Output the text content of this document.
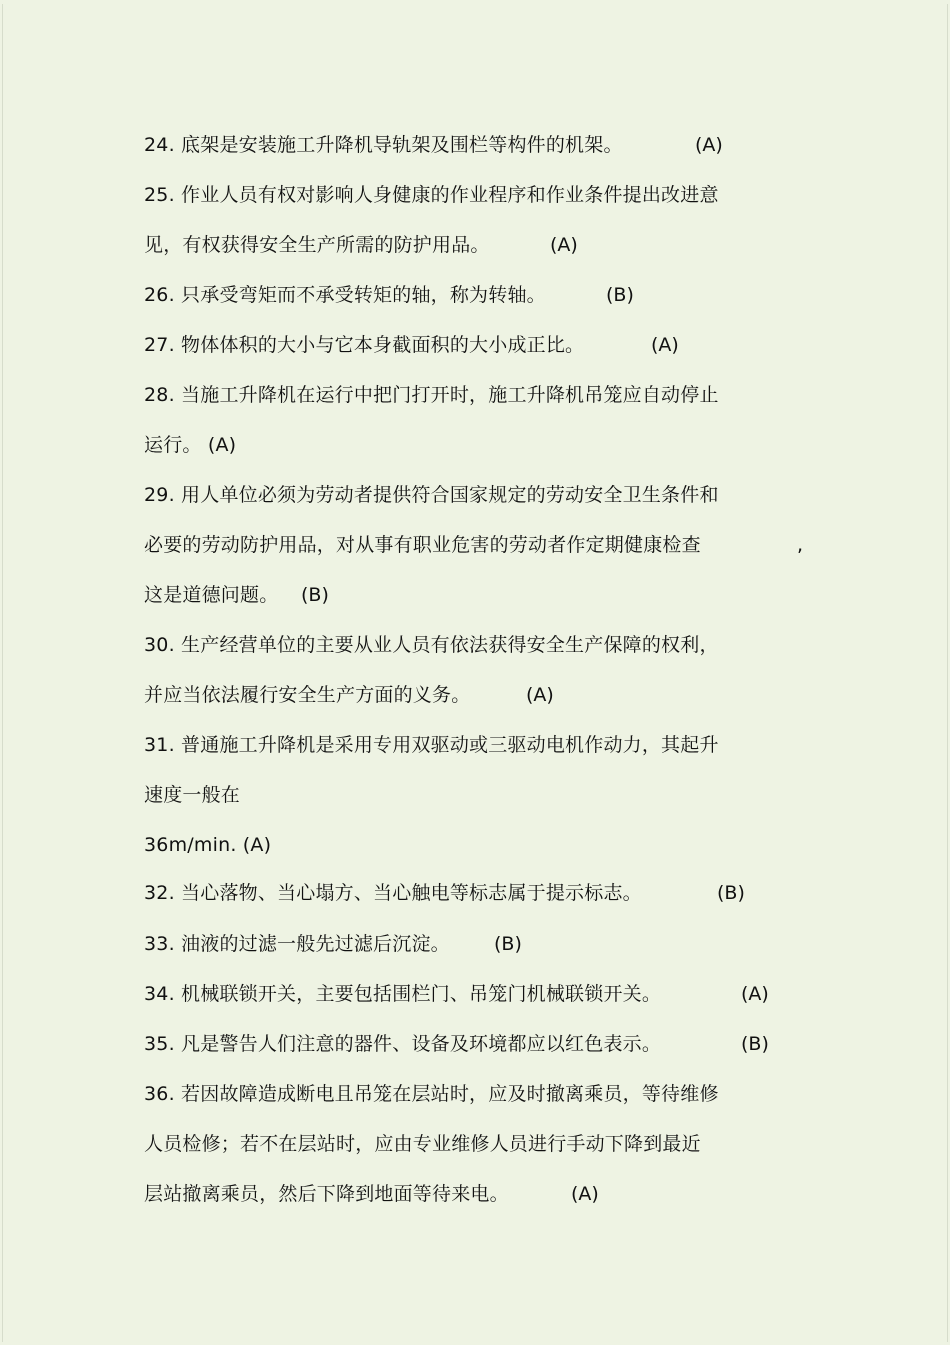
24. 底架是安装施工升降机导轨架及围栏等构件的机架。	(A)
25. 作业人员有权对影响人身健康的作业程序和作业条件提出改进意
见，有权获得安全生产所需的防护用品。	(A)
26. 只承受弯矩而不承受转矩的轴，称为转轴。	(B)
27. 物体体积的大小与它本身截面积的大小成正比。	(A)
28. 当施工升降机在运行中把门打开时，施工升降机吊笼应自动停止
运行。 (A)
29. 用人单位必须为劳动者提供符合国家规定的劳动安全卫生条件和
必要的劳动防护用品，对从事有职业危害的劳动者作定期健康检查	,
这是道德问题。 (B)
30. 生产经营单位的主要从业人员有依法获得安全生产保障的权利，
并应当依法履行安全生产方面的义务。	(A)
31. 普通施工升降机是采用专用双驱动或三驱动电机作动力，其起升
速度一般在
36m/min. (A)
32. 当心落物、当心塌方、当心触电等标志属于提示标志。	(B)
33. 油液的过滤一般先过滤后沉淀。 (B)
34. 机械联锁开关，主要包括围栏门、吊笼门机械联锁开关。	(A)
35. 凡是警告人们注意的器件、设备及环境都应以红色表示。	(B)
36. 若因故障造成断电且吊笼在层站时，应及时撤离乘员，等待维修
人员检修；若不在层站时，应由专业维修人员进行手动下降到最近
层站撤离乘员，然后下降到地面等待来电。	(A)
